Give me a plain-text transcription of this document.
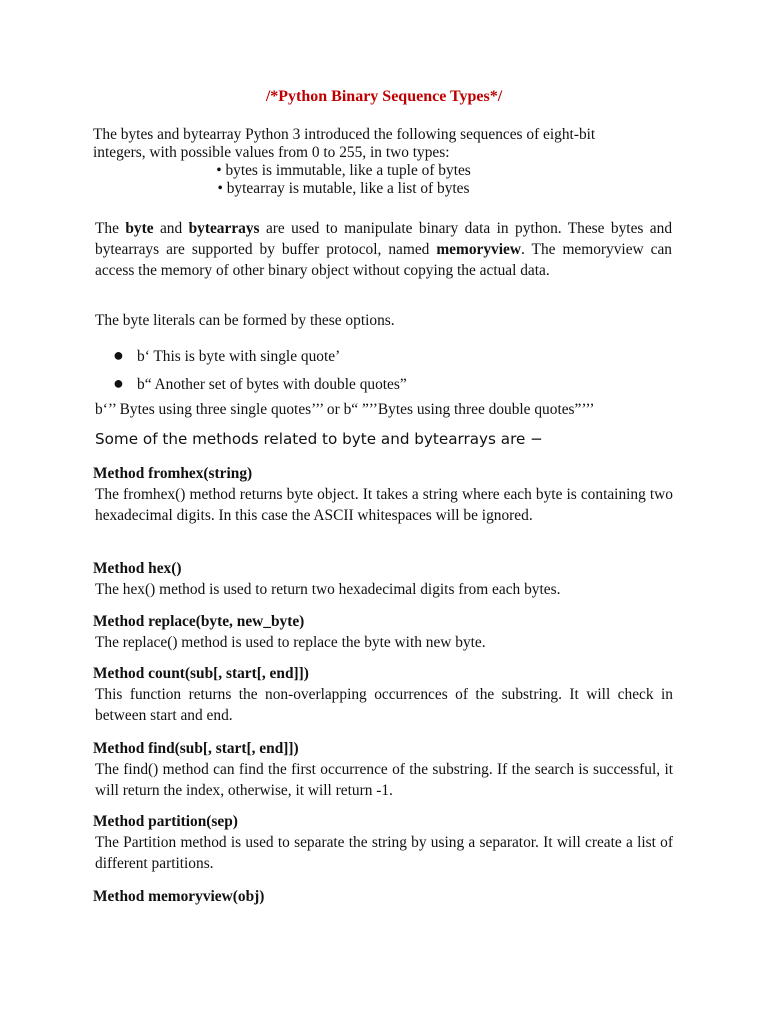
/*Python Binary Sequence Types*/
The bytes and bytearray Python 3 introduced the following sequences of eight-bit
integers, with possible values from 0 to 255, in two types:
• bytes is immutable, like a tuple of bytes
• bytearray is mutable, like a list of bytes
The byte and bytearrays are used to manipulate binary data in python. These bytes and bytearrays are supported by buffer protocol, named memoryview. The memoryview can access the memory of other binary object without copying the actual data.
The byte literals can be formed by these options.
● b‘ This is byte with single quote’
● b“ Another set of bytes with double quotes”
b‘’’ Bytes using three single quotes’’’ or b“ ”’’Bytes using three double quotes”’’’
Some of the methods related to byte and bytearrays are −
Method fromhex(string)
The fromhex() method returns byte object. It takes a string where each byte is containing two hexadecimal digits. In this case the ASCII whitespaces will be ignored.
Method hex()
The hex() method is used to return two hexadecimal digits from each bytes.
Method replace(byte, new_byte)
The replace() method is used to replace the byte with new byte.
Method count(sub[, start[, end]])
This function returns the non-overlapping occurrences of the substring. It will check in between start and end.
Method find(sub[, start[, end]])
The find() method can find the first occurrence of the substring. If the search is successful, it will return the index, otherwise, it will return -1.
Method partition(sep)
The Partition method is used to separate the string by using a separator. It will create a list of different partitions.
Method memoryview(obj)
